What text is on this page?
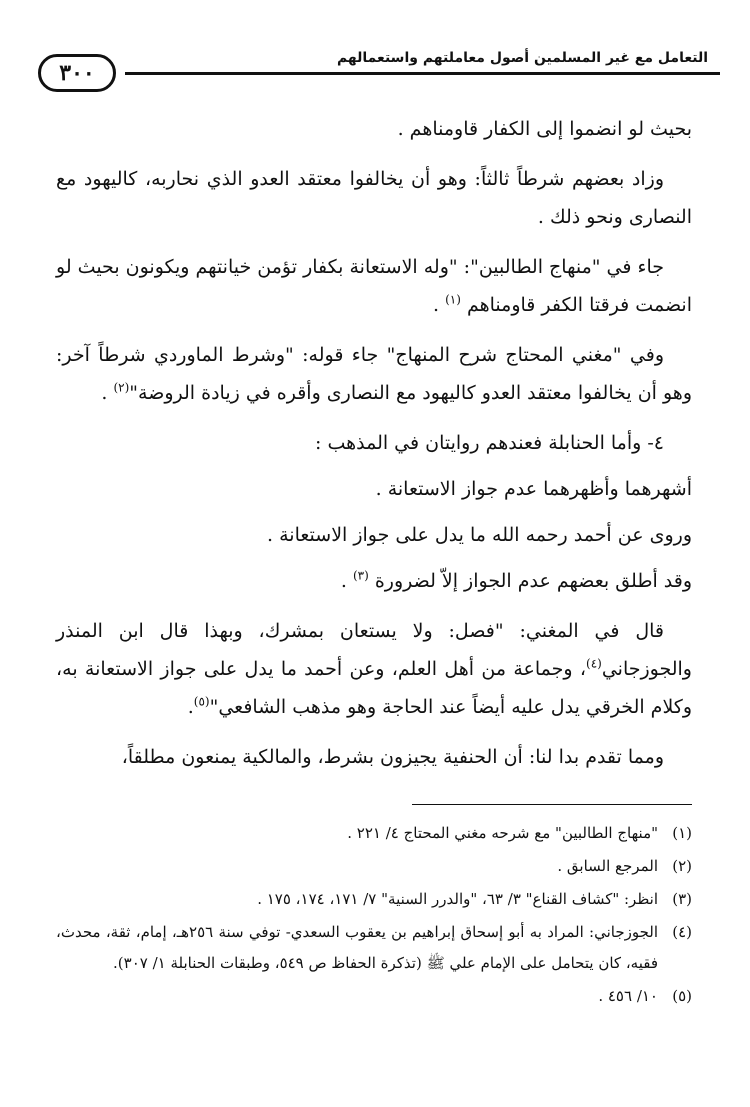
التعامل مع غير المسلمين أصول معاملتهم واستعمالهم
٣٠٠

بحيث لو انضموا إلى الكفار قاومناهم .

وزاد بعضهم شرطاً ثالثاً: وهو أن يخالفوا معتقد العدو الذي نحاربه، كاليهود مع النصارى ونحو ذلك .

جاء في "منهاج الطالبين": "وله الاستعانة بكفار تؤمن خيانتهم ويكونون بحيث لو انضمت فرقتا الكفر قاومناهم $^{(١)}$ .

وفي "مغني المحتاج شرح المنهاج" جاء قوله: "وشرط الماوردي شرطاً آخر: وهو أن يخالفوا معتقد العدو كاليهود مع النصارى وأقره في زيادة الروضة"$^{(٢)}$ .

٤- وأما الحنابلة فعندهم روايتان في المذهب :

أشهرهما وأظهرهما عدم جواز الاستعانة .

وروى عن أحمد رحمه الله ما يدل على جواز الاستعانة .

وقد أطلق بعضهم عدم الجواز إلاّ لضرورة $^{(٣)}$ .

قال في المغني: "فصل: ولا يستعان بمشرك، وبهذا قال ابن المنذر والجوزجاني$^{(٤)}$، وجماعة من أهل العلم، وعن أحمد ما يدل على جواز الاستعانة به، وكلام الخرقي يدل عليه أيضاً عند الحاجة وهو مذهب الشافعي"$^{(٥)}$.

ومما تقدم بدا لنا: أن الحنفية يجيزون بشرط، والمالكية يمنعون مطلقاً،

(١)
"منهاج الطالبين" مع شرحه مغني المحتاج ٤/ ٢٢١ .
(٢)
المرجع السابق .
(٣)
انظر: "كشاف القناع" ٣/ ٦٣، "والدرر السنية" ٧/ ١٧١، ١٧٤، ١٧٥ .
(٤)
الجوزجاني: المراد به أبو إسحاق إبراهيم بن يعقوب السعدي- توفي سنة ٢٥٦هـ، إمام، ثقة، محدث، فقيه، كان يتحامل على الإمام علي ﷺ (تذكرة الحفاظ ص ٥٤٩، وطبقات الحنابلة ١/ ٣٠٧).
(٥)
١٠/ ٤٥٦ .
